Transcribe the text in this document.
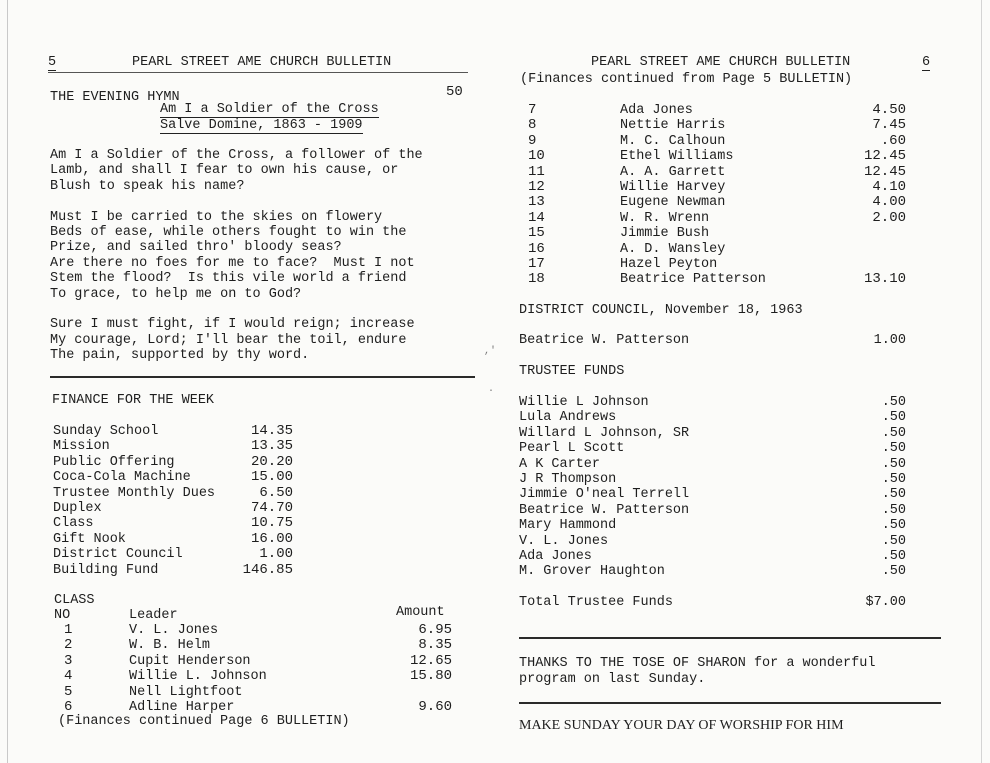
5	PEARL STREET AME CHURCH BULLETIN
THE EVENING HYMN	50
Am I a Soldier of the Cross
Salve Domine, 1863 - 1909
Am I a Soldier of the Cross, a follower of the
Lamb, and shall I fear to own his cause, or
Blush to speak his name?
Must I be carried to the skies on flowery
Beds of ease, while others fought to win the
Prize, and sailed thro' bloody seas?
Are there no foes for me to face?  Must I not
Stem the flood?  Is this vile world a friend
To grace, to help me on to God?
Sure I must fight, if I would reign; increase
My courage, Lord; I'll bear the toil, endure
The pain, supported by thy word.
FINANCE FOR THE WEEK
Sunday School	14.35
Mission	13.35
Public Offering	20.20
Coca-Cola Machine	15.00
Trustee Monthly Dues	6.50
Duplex	74.70
Class	10.75
Gift Nook	16.00
District Council	1.00
Building Fund	146.85
CLASS
NO	Leader	Amount
1	V. L. Jones	6.95
2	W. B. Helm	8.35
3	Cupit Henderson	12.65
4	Willie L. Johnson	15.80
5	Nell Lightfoot
6	Adline Harper	9.60
(Finances continued Page 6 BULLETIN)
PEARL STREET AME CHURCH BULLETIN	6
(Finances continued from Page 5 BULLETIN)
7	Ada Jones	4.50
8	Nettie Harris	7.45
9	M. C. Calhoun	.60
10	Ethel Williams	12.45
11	A. A. Garrett	12.45
12	Willie Harvey	4.10
13	Eugene Newman	4.00
14	W. R. Wrenn	2.00
15	Jimmie Bush
16	A. D. Wansley
17	Hazel Peyton
18	Beatrice Patterson	13.10
DISTRICT COUNCIL, November 18, 1963
Beatrice W. Patterson	1.00
TRUSTEE FUNDS
Willie L Johnson	.50
Lula Andrews	.50
Willard L Johnson, SR	.50
Pearl L Scott	.50
A K Carter	.50
J R Thompson	.50
Jimmie O'neal Terrell	.50
Beatrice W. Patterson	.50
Mary Hammond	.50
V. L. Jones	.50
Ada Jones	.50
M. Grover Haughton	.50
Total Trustee Funds	$7.00
THANKS TO THE TOSE OF SHARON for a wonderful
program on last Sunday.
MAKE SUNDAY YOUR DAY OF WORSHIP FOR HIM
,'
·
